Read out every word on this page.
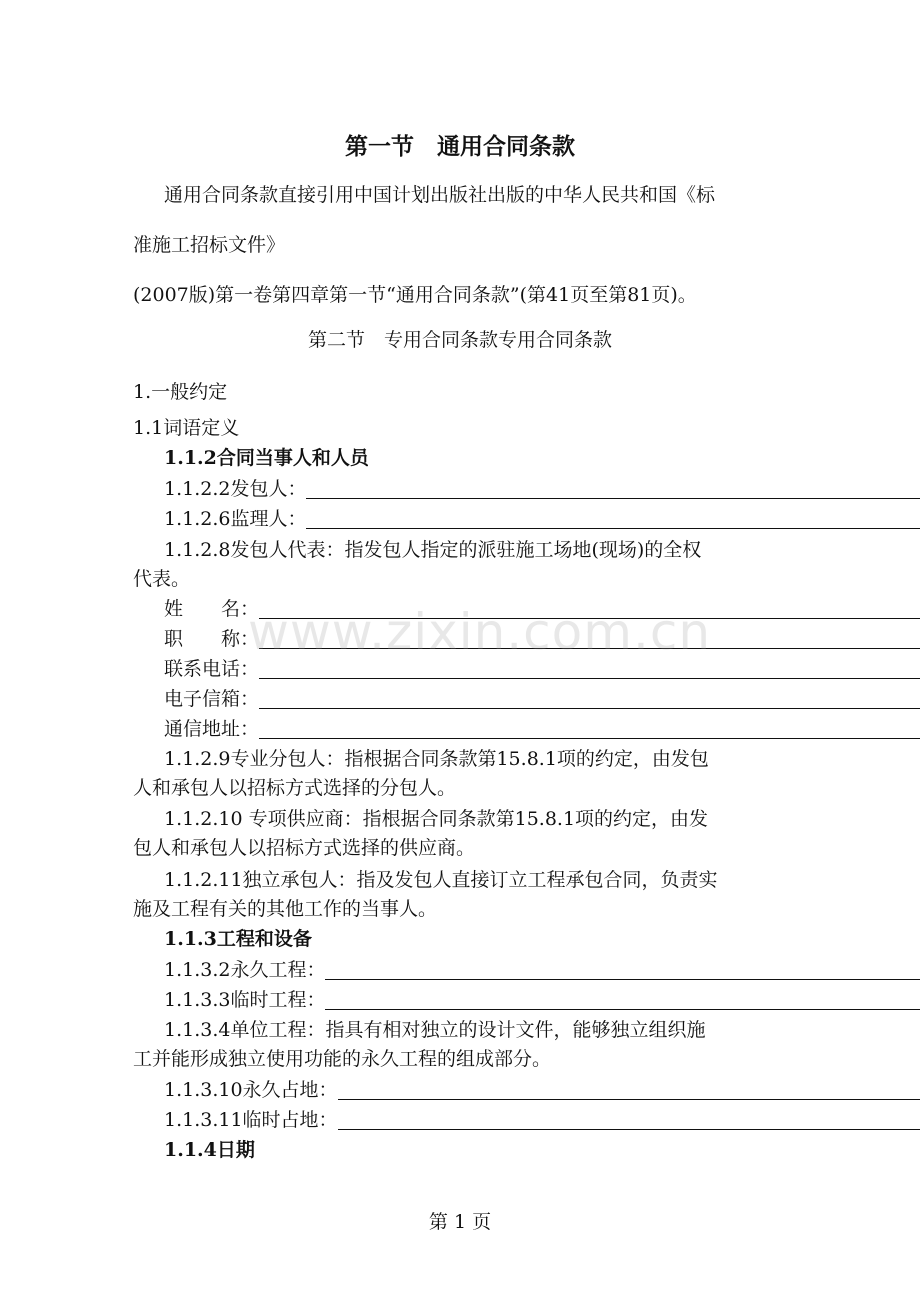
第一节　通用合同条款
通用合同条款直接引用中国计划出版社出版的中华人民共和国《标
准施工招标文件》
(2007版)第一卷第四章第一节“通用合同条款”(第41页至第81页)。
第二节　专用合同条款专用合同条款
1.一般约定
1.1词语定义
1.1.2合同当事人和人员
1.1.2.2发包人：
1.1.2.6监理人：
1.1.2.8发包人代表：指发包人指定的派驻施工场地(现场)的全权
代表。
姓 名：
职 称：
联系电话：
电子信箱：
通信地址：
1.1.2.9专业分包人：指根据合同条款第15.8.1项的约定，由发包
人和承包人以招标方式选择的分包人。
1.1.2.10 专项供应商：指根据合同条款第15.8.1项的约定，由发
包人和承包人以招标方式选择的供应商。
1.1.2.11独立承包人：指及发包人直接订立工程承包合同，负责实
施及工程有关的其他工作的当事人。
1.1.3工程和设备
1.1.3.2永久工程：
1.1.3.3临时工程：
1.1.3.4单位工程：指具有相对独立的设计文件，能够独立组织施
工并能形成独立使用功能的永久工程的组成部分。
1.1.3.10永久占地：
1.1.3.11临时占地：
1.1.4日期
第 1 页
www.zixin.com.cn
